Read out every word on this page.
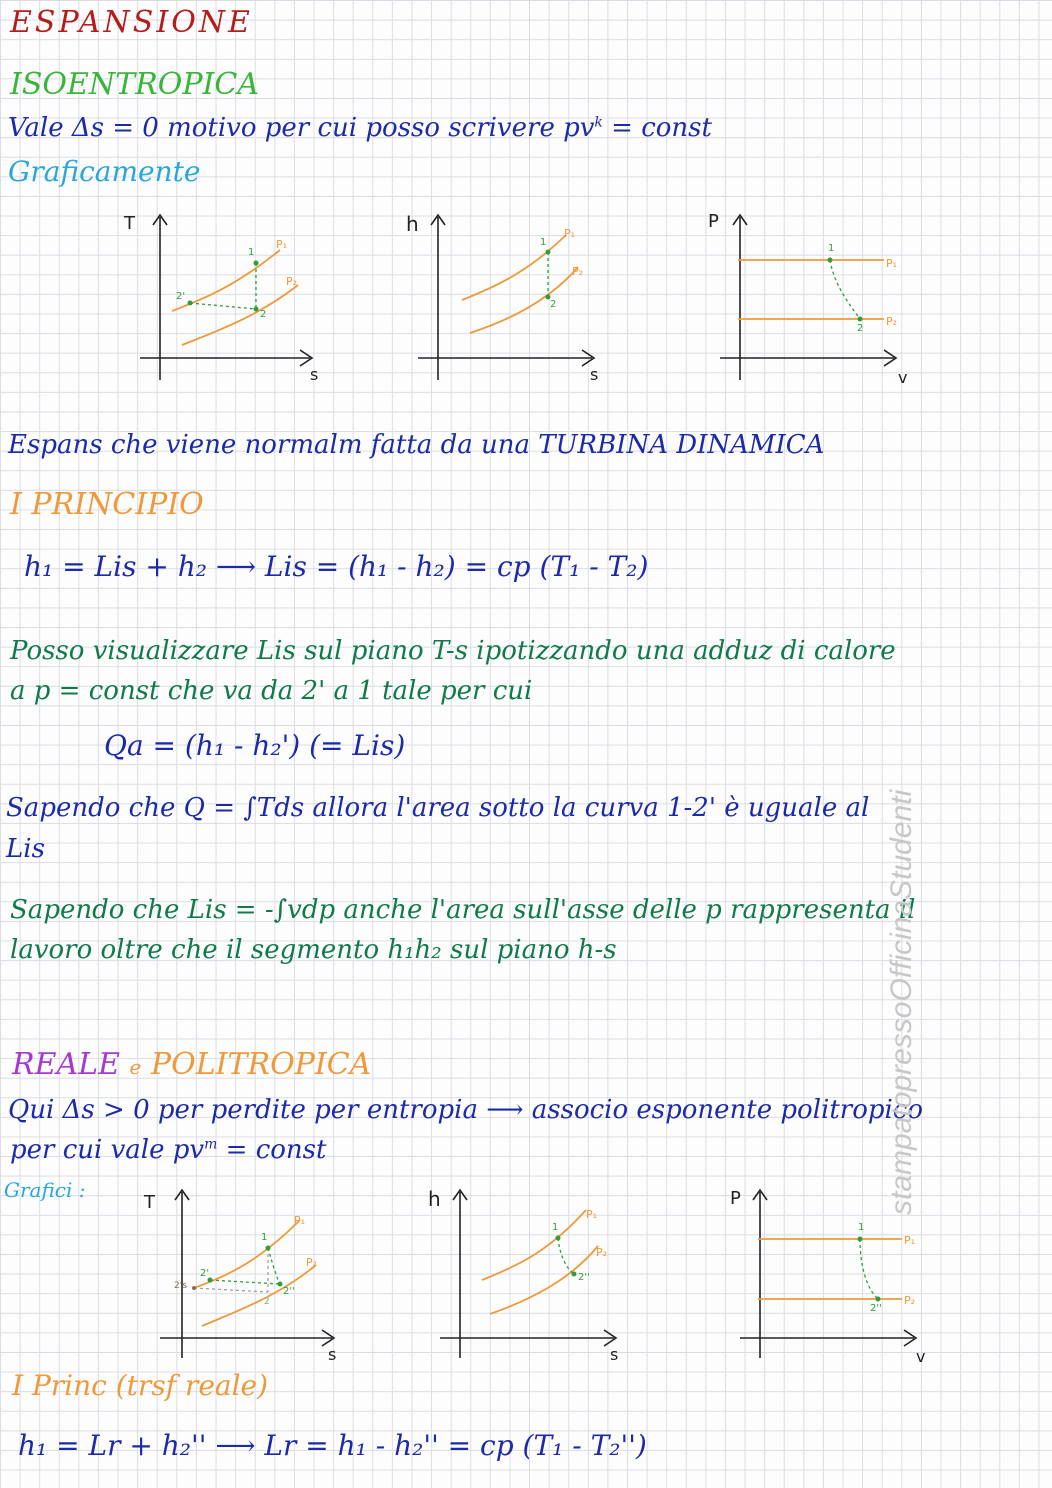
ESPANSIONE
ISOENTROPICA
Vale Δs = 0 motivo per cui posso scrivere $pv^k$ = const
Graficamente
T
s
P₁
P₂
1
2
2'
h
s
P₁
P₂
1
2
P
v
P₁
P₂
1
2
Espans che viene normalm fatta da una TURBINA DINAMICA
I PRINCIPIO
h₁ = Lis + h₂ ⟶ Lis = (h₁ - h₂) = cp (T₁ - T₂)
Posso visualizzare Lis sul piano T-s ipotizzando una adduz di calore
a p = const che va da 2' a 1 tale per cui
Qa = (h₁ - h₂') (= Lis)
Sapendo che Q = ∫Tds allora l'area sotto la curva 1-2' è uguale al
Lis
Sapendo che Lis = -∫vdp anche l'area sull'asse delle p rappresenta il
lavoro oltre che il segmento h₁h₂ sul piano h-s
REALE e POLITROPICA
Qui Δs > 0 per perdite per entropia ⟶ associo esponente politropico
per cui vale $pv^m$ = const
Grafici :
T
s
P₁
P₂
1
2''
2'
2's
2
h
s
P₁
P₂
1
2''
P
v
P₁
P₂
1
2''
I Princ (trsf reale)
h₁ = Lr + h₂'' ⟶ Lr = h₁ - h₂'' = cp (T₁ - T₂'')
stampatopressoOfficinaStudenti
